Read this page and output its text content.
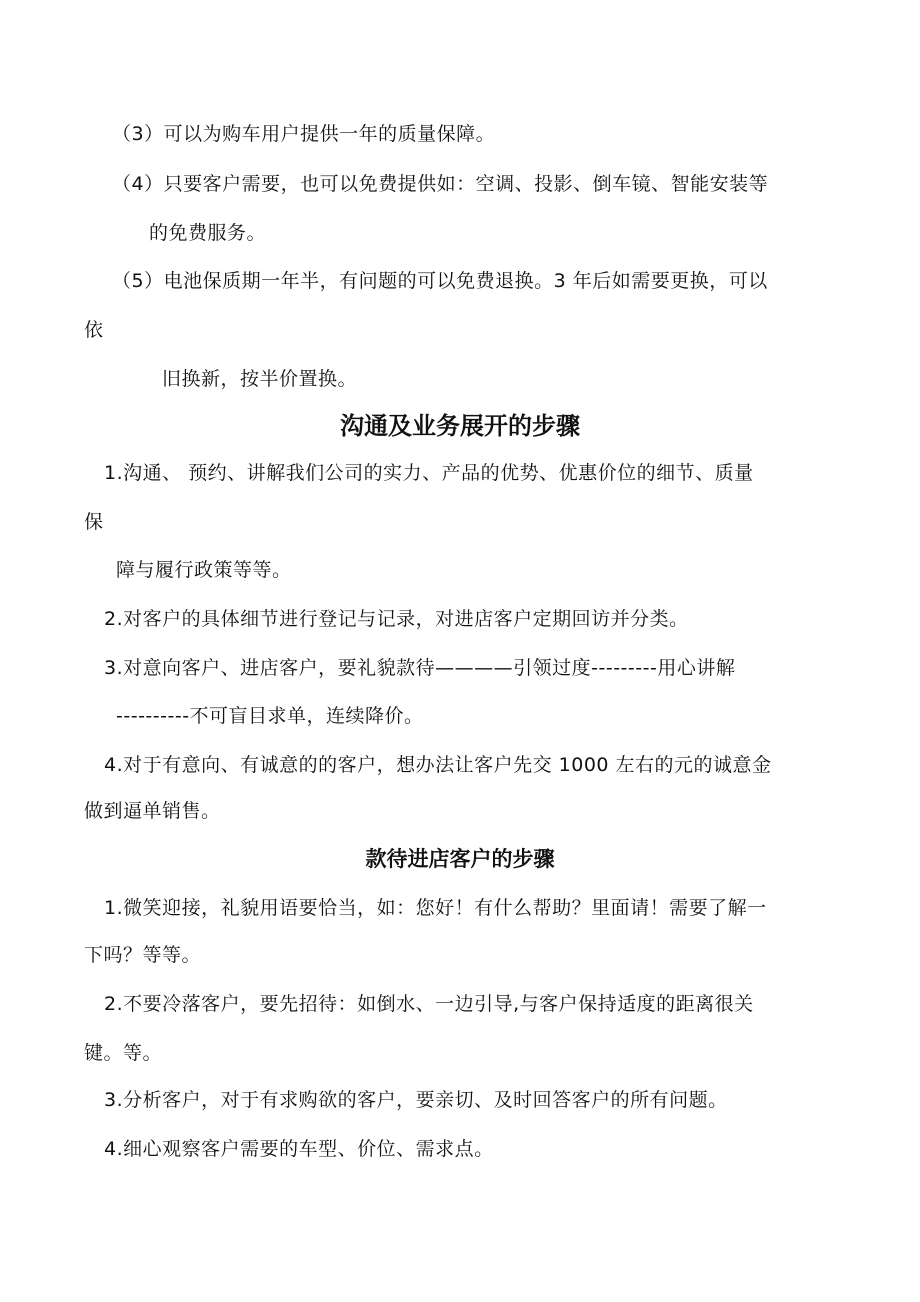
（3）可以为购车用户提供一年的质量保障。
（4）只要客户需要，也可以免费提供如：空调、投影、倒车镜、智能安装等
的免费服务。
（5）电池保质期一年半，有问题的可以免费退换。3 年后如需要更换，可以
依
旧换新，按半价置换。
沟通及业务展开的步骤
1.沟通、 预约、讲解我们公司的实力、产品的优势、优惠价位的细节、质量
保
障与履行政策等等。
2.对客户的具体细节进行登记与记录，对进店客户定期回访并分类。
3.对意向客户、进店客户，要礼貌款待————引领过度---------用心讲解
----------不可盲目求单，连续降价。
4.对于有意向、有诚意的的客户，想办法让客户先交 1000 左右的元的诚意金
做到逼单销售。
款待进店客户的步骤
1.微笑迎接，礼貌用语要恰当，如：您好！有什么帮助？里面请！需要了解一
下吗？等等。
2.不要冷落客户，要先招待：如倒水、一边引导,与客户保持适度的距离很关
键。等。
3.分析客户，对于有求购欲的客户，要亲切、及时回答客户的所有问题。
4.细心观察客户需要的车型、价位、需求点。
